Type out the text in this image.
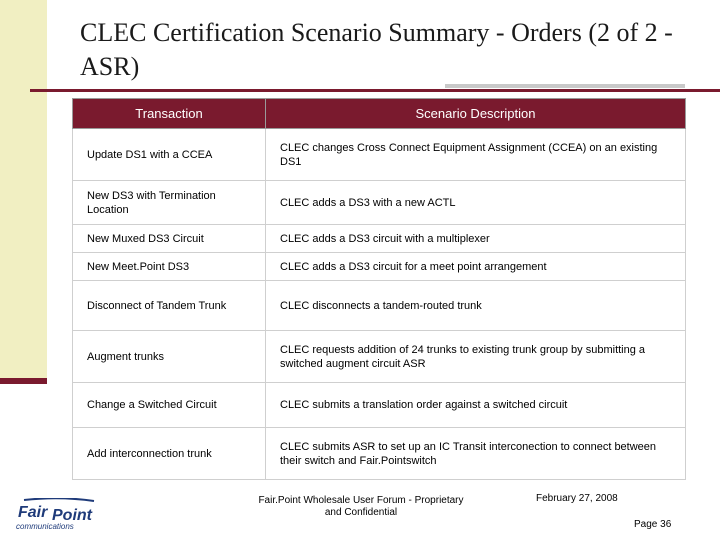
CLEC Certification Scenario Summary - Orders (2 of 2 - ASR)
Transaction	Scenario Description
Update DS1 with a CCEA	CLEC changes Cross Connect Equipment Assignment (CCEA) on an existing DS1
New DS3 with Termination Location	CLEC adds a DS3 with a new ACTL
New Muxed DS3 Circuit	CLEC adds a DS3 circuit with a multiplexer
New Meet.Point DS3	CLEC adds a DS3 circuit for a meet point arrangement
Disconnect of Tandem Trunk	CLEC disconnects a tandem-routed trunk
Augment trunks	CLEC requests addition of 24 trunks to existing trunk group by submitting a switched augment circuit ASR
Change a Switched Circuit	CLEC submits a translation order against a switched circuit
Add interconnection trunk	CLEC submits ASR to set up an IC Transit interconection to connect between their switch and Fair.Pointswitch
Fair Point
communications
Fair.Point Wholesale User Forum - Proprietary and Confidential
February 27, 2008
Page 36
